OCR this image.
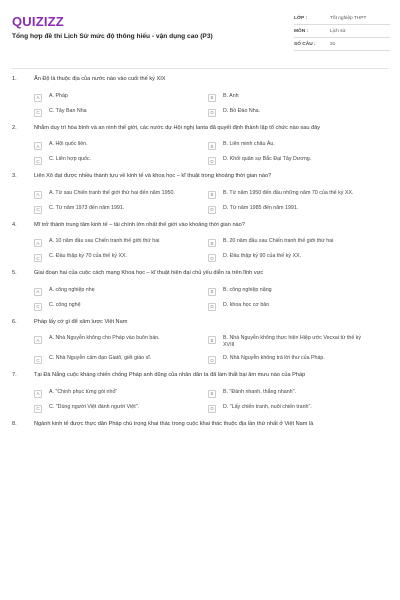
QUIZIZZ
Tổng hợp đề thi Lịch Sử mức độ thông hiểu - vận dụng cao (P3)
LỚP :	Tốt nghiệp THPT
MÔN :	Lịch sử
SỐ CÂU :	31
1.	Ấn Độ là thuộc địa của nước nào vào cuối thế kỷ XIX
A	A. Pháp	B	B. Anh
C	C. Tây Ban Nha	D	D. Bồ Đào Nha.
2.	Nhằm duy trì hòa bình và an ninh thế giới, các nước dự Hội nghị Ianta đã quyết định thành lập tổ chức nào sau đây
A	A. Hội quốc liên.	B	B. Liên minh châu Âu.
C	C. Liên hợp quốc.	D	D. Khối quân sự Bắc Đại Tây Dương.
3.	Liên Xô đạt được nhiều thành tựu về kinh tế và khoa học – kĩ thuật trong khoảng thời gian nào?
A	A. Từ sau Chiến tranh thế giới thứ hai đến năm 1950.	B	B. Từ năm 1950 đến đầu những năm 70 của thế kỷ XX.
C	C. Từ năm 1973 đến năm 1991.	D	D. Từ năm 1985 đến năm 1991.
4.	Mĩ trở thành trung tâm kinh tế – tài chính lớn nhất thế giới vào khoảng thời gian nào?
A	A. 10 năm đầu sau Chiến tranh thế giới thứ hai	B	B. 20 năm đầu sau Chiến tranh thế giới thứ hai
C	C. Đầu thập kỷ 70 của thế kỷ XX.	D	D. Đầu thập kỷ 90 của thế kỷ XX.
5.	Giai đoạn hai của cuộc cách mạng Khoa học – kĩ thuật hiện đại chủ yếu diễn ra trên lĩnh vực
A	A. công nghiệp nhẹ	B	B. công nghiệp nặng
C	C. công nghệ	D	D. khoa học cơ bản
6.	Pháp lấy cớ gì để xâm lược Việt Nam
A	A. Nhà Nguyễn không cho Pháp vào buôn bán.	B	B. Nhà Nguyễn không thực hiện Hiệp ước Vecxai từ thế kỷ XVIII
C	C. Nhà Nguyễn cấm đạo Giatô, giết giáo sĩ.	D	D. Nhà Nguyễn không trả lời thư của Pháp.
7.	Tại Đà Nẵng cuộc kháng chiến chống Pháp anh dũng của nhân dân ta đã làm thất bại âm mưu nào của Pháp
A	A. "Chinh phục từng gói nhỏ"	B	B. "Đánh nhanh, thắng nhanh".
C	C. "Dùng người Việt đánh người Việt".	D	D. "Lấy chiến tranh, nuôi chiến tranh".
8.	Ngành kinh tế được thực dân Pháp chú trọng khai thác trong cuộc khai thác thuộc địa lần thứ nhất ở Việt Nam là
